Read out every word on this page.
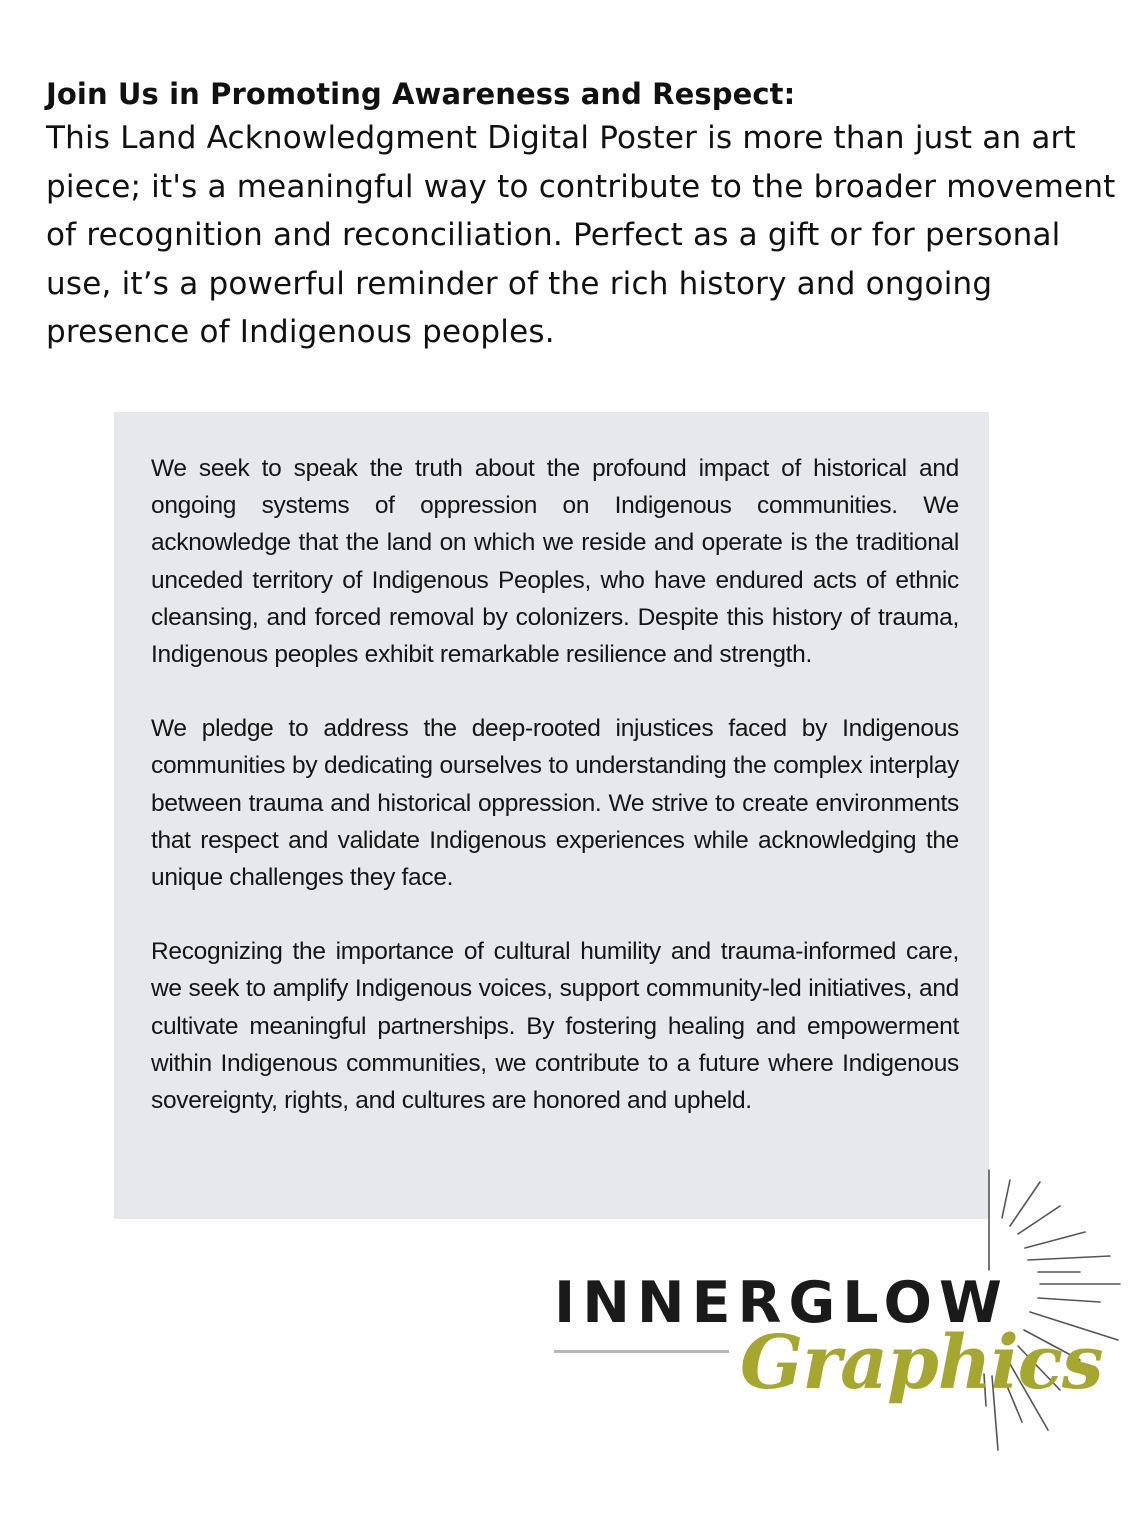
Join Us in Promoting Awareness and Respect:

This Land Acknowledgment Digital Poster is more than just an art piece; it's a meaningful way to contribute to the broader movement of recognition and reconciliation. Perfect as a gift or for personal use, it’s a powerful reminder of the rich history and ongoing presence of Indigenous peoples.

We seek to speak the truth about the profound impact of historical and ongoing systems of oppression on Indigenous communities. We acknowledge that the land on which we reside and operate is the traditional unceded territory of Indigenous Peoples, who have endured acts of ethnic cleansing, and forced removal by colonizers. Despite this history of trauma, Indigenous peoples exhibit remarkable resilience and strength.

We pledge to address the deep-rooted injustices faced by Indigenous communities by dedicating ourselves to understanding the complex interplay between trauma and historical oppression. We strive to create environments that respect and validate Indigenous experiences while acknowledging the unique challenges they face.

Recognizing the importance of cultural humility and trauma-informed care, we seek to amplify Indigenous voices, support community-led initiatives, and cultivate meaningful partnerships. By fostering healing and empowerment within Indigenous communities, we contribute to a future where Indigenous sovereignty, rights, and cultures are honored and upheld.

INNERGLOW
Graphics
